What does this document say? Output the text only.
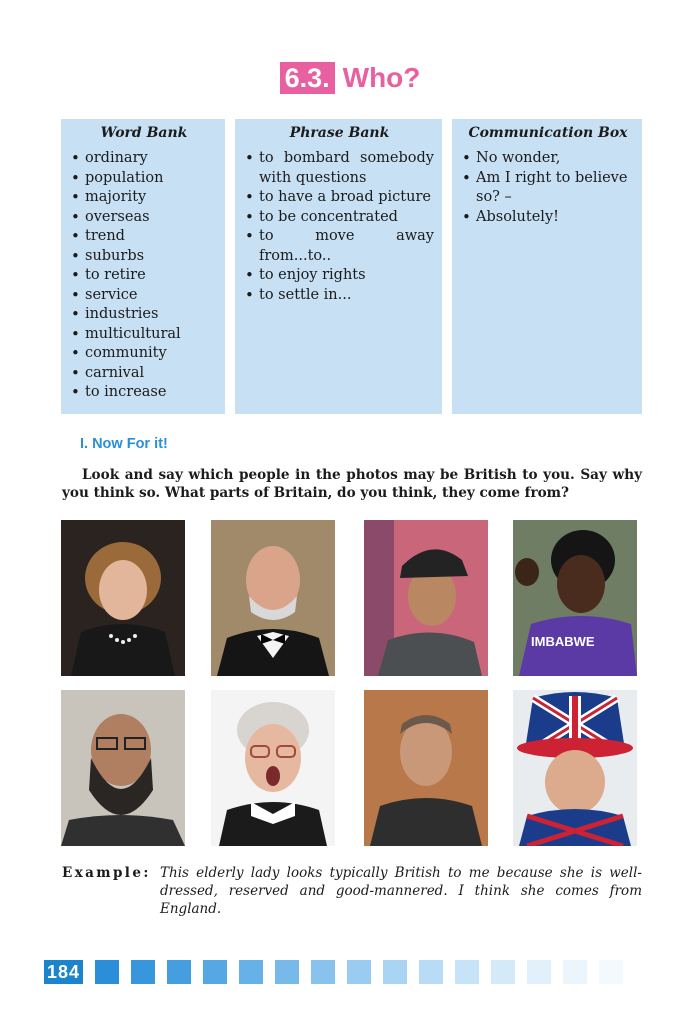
6.3. Who?
Word Bank
• ordinary
• population
• majority
• overseas
• trend
• suburbs
• to retire
• service
• industries
• multicultural
• community
• carnival
• to increase
Phrase Bank
• to bombard somebody with questions
• to have a broad picture
• to be concentrated
• to move away from...to..
• to enjoy rights
• to settle in...
Communication Box
• No wonder,
• Am I right to believe so? –
• Absolutely!
I. Now For it!

Look and say which people in the photos may be British to you. Say why you think so. What parts of Britain, do you think, they come from?

IMBABWE
Example: This elderly lady looks typically British to me because she is well-dressed, reserved and good-mannered. I think she comes from England.
184
